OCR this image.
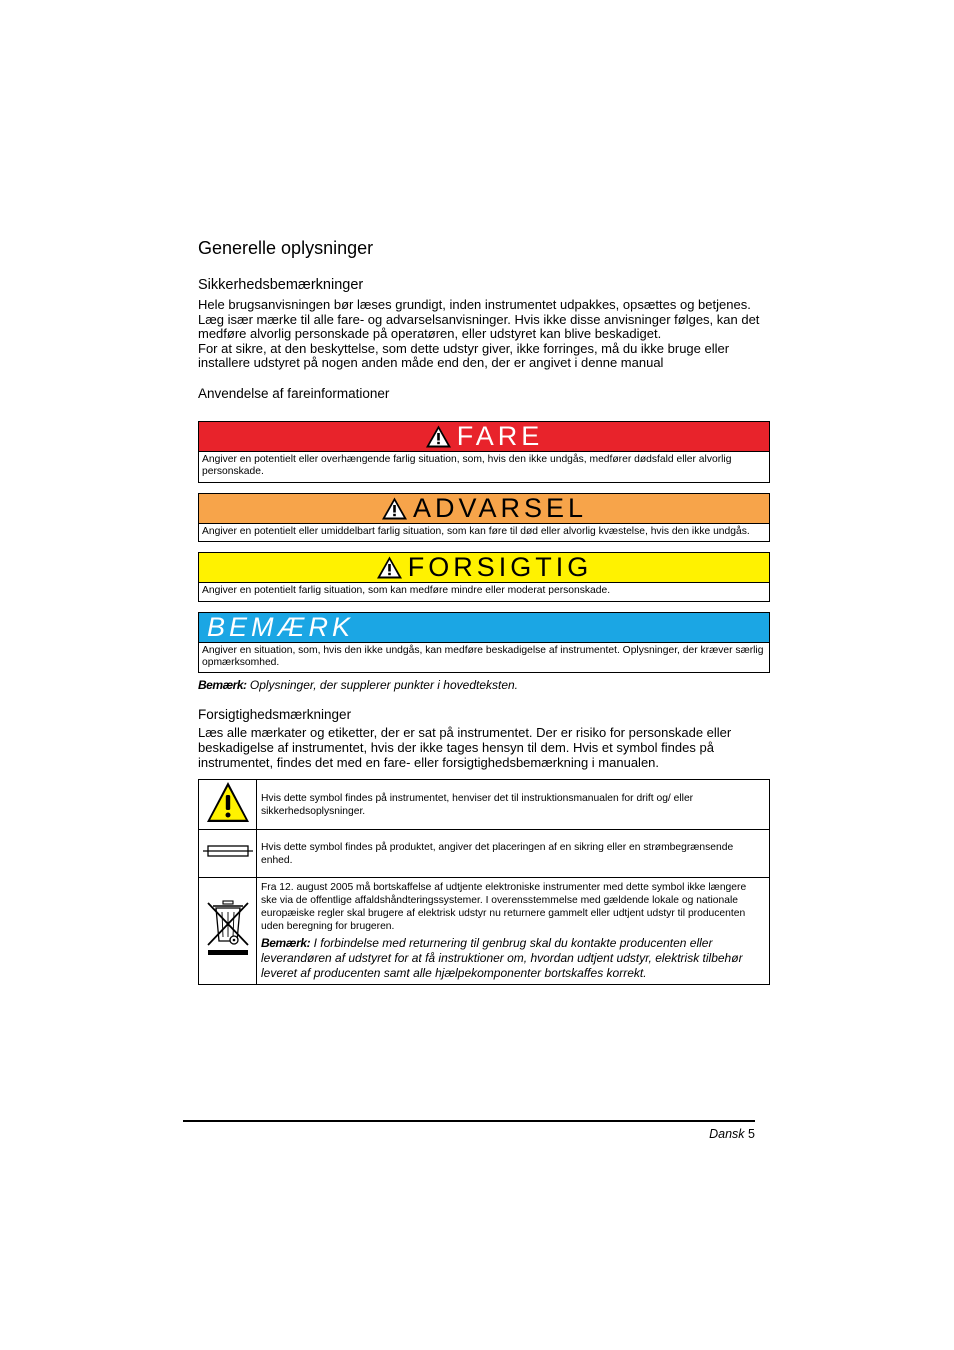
Generelle oplysninger
Sikkerhedsbemærkninger

Hele brugsanvisningen bør læses grundigt, inden instrumentet udpakkes, opsættes og betjenes. Læg især mærke til alle fare- og advarselsanvisninger. Hvis ikke disse anvisninger følges, kan det medføre alvorlig personskade på operatøren, eller udstyret kan blive beskadiget.

For at sikre, at den beskyttelse, som dette udstyr giver, ikke forringes, må du ikke bruge eller installere udstyret på nogen anden måde end den, der er angivet i denne manual

Anvendelse af fareinformationer
FARE
Angiver en potentielt eller overhængende farlig situation, som, hvis den ikke undgås, medfører dødsfald eller alvorlig personskade.
ADVARSEL
Angiver en potentielt eller umiddelbart farlig situation, som kan føre til død eller alvorlig kvæstelse, hvis den ikke undgås.
FORSIGTIG
Angiver en potentielt farlig situation, som kan medføre mindre eller moderat personskade.
BEMÆRK
Angiver en situation, som, hvis den ikke undgås, kan medføre beskadigelse af instrumentet. Oplysninger, der kræver særlig opmærksomhed.

Bemærk: Oplysninger, der supplerer punkter i hovedteksten.

Forsigtighedsmærkninger

Læs alle mærkater og etiketter, der er sat på instrumentet. Der er risiko for personskade eller beskadigelse af instrumentet, hvis der ikke tages hensyn til dem. Hvis et symbol findes på instrumentet, findes det med en fare- eller forsigtighedsbemærkning i manualen.

	Hvis dette symbol findes på instrumentet, henviser det til instruktionsmanualen for drift og/ eller sikkerhedsoplysninger.
	Hvis dette symbol findes på produktet, angiver det placeringen af en sikring eller en strømbegrænsende enhed.

Fra 12. august 2005 må bortskaffelse af udtjente elektroniske instrumenter med dette symbol ikke længere ske via de offentlige affaldshåndteringssystemer. I overensstemmelse med gældende lokale og nationale europæiske regler skal brugere af elektrisk udstyr nu returnere gammelt eller udtjent udstyr til producenten uden beregning for brugeren.
Bemærk: I forbindelse med returnering til genbrug skal du kontakte producenten eller leverandøren af udstyret for at få instruktioner om, hvordan udtjent udstyr, elektrisk tilbehør leveret af producenten samt alle hjælpekomponenter bortskaffes korrekt.
Dansk 5
